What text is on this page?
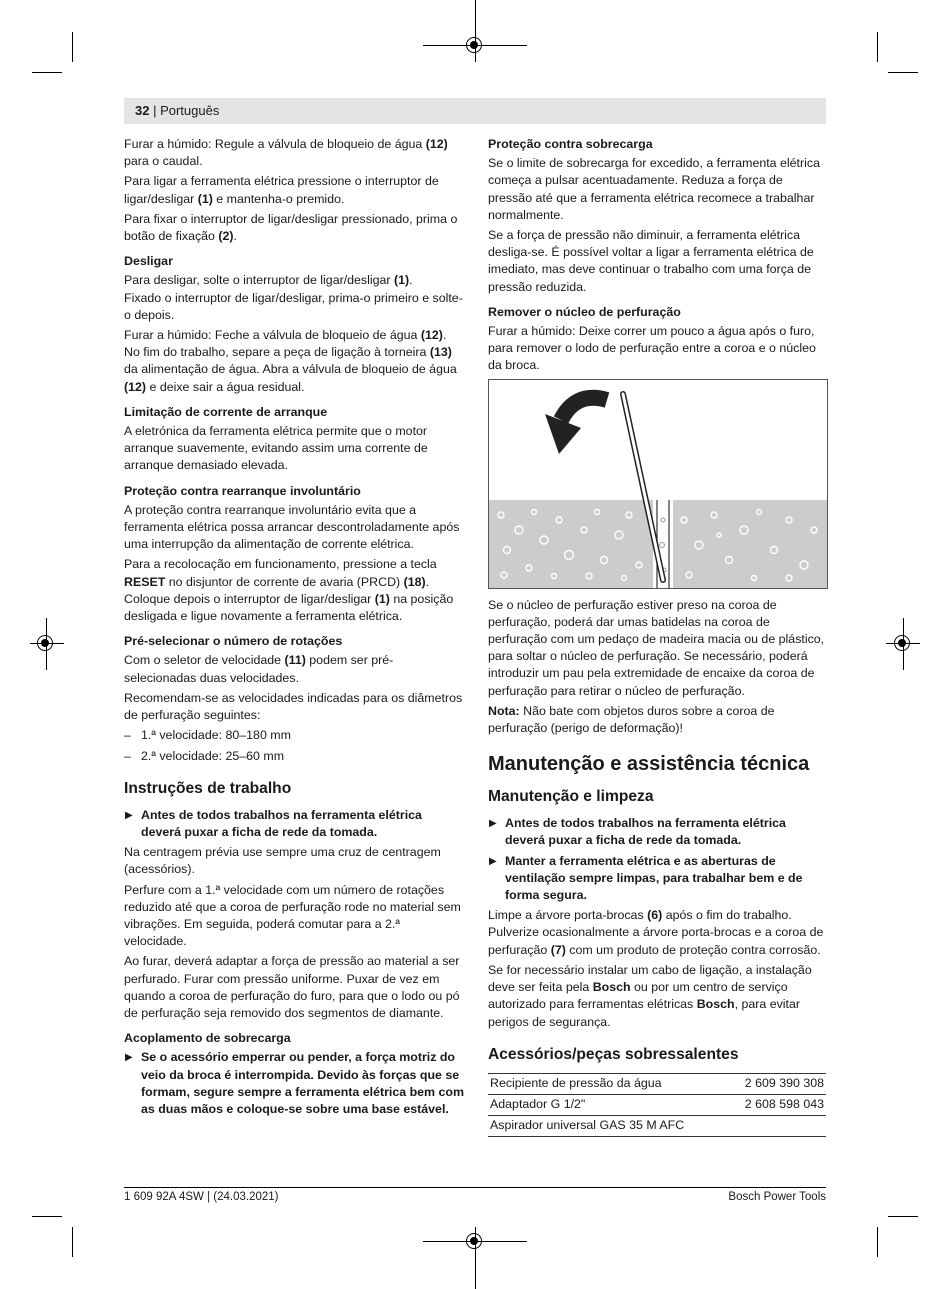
32 | Português

Furar a húmido: Regule a válvula de bloqueio de água (12) para o caudal.

Para ligar a ferramenta elétrica pressione o interruptor de ligar/desligar (1) e mantenha-o premido.

Para fixar o interruptor de ligar/desligar pressionado, prima o botão de fixação (2).

Desligar

Para desligar, solte o interruptor de ligar/desligar (1).
Fixado o interruptor de ligar/desligar, prima-o primeiro e solte-o depois.

Furar a húmido: Feche a válvula de bloqueio de água (12). No fim do trabalho, separe a peça de ligação à torneira (13) da alimentação de água. Abra a válvula de bloqueio de água (12) e deixe sair a água residual.

Limitação de corrente de arranque

A eletrónica da ferramenta elétrica permite que o motor arranque suavemente, evitando assim uma corrente de arranque demasiado elevada.

Proteção contra rearranque involuntário

A proteção contra rearranque involuntário evita que a ferramenta elétrica possa arrancar descontroladamente após uma interrupção da alimentação de corrente elétrica.

Para a recolocação em funcionamento, pressione a tecla RESET no disjuntor de corrente de avaria (PRCD) (18). Coloque depois o interruptor de ligar/desligar (1) na posição desligada e ligue novamente a ferramenta elétrica.

Pré-selecionar o número de rotações

Com o seletor de velocidade (11) podem ser pré-selecionadas duas velocidades.

Recomendam-se as velocidades indicadas para os diâmetros de perfuração seguintes:

– 1.ª velocidade: 80–180 mm
– 2.ª velocidade: 25–60 mm
Instruções de trabalho
▶ Antes de todos trabalhos na ferramenta elétrica deverá puxar a ficha de rede da tomada.

Na centragem prévia use sempre uma cruz de centragem (acessórios).

Perfure com a 1.ª velocidade com um número de rotações reduzido até que a coroa de perfuração rode no material sem vibrações. Em seguida, poderá comutar para a 2.ª velocidade.

Ao furar, deverá adaptar a força de pressão ao material a ser perfurado. Furar com pressão uniforme. Puxar de vez em quando a coroa de perfuração do furo, para que o lodo ou pó de perfuração seja removido dos segmentos de diamante.

Acoplamento de sobrecarga
▶ Se o acessório emperrar ou pender, a força motriz do veio da broca é interrompida. Devido às forças que se formam, segure sempre a ferramenta elétrica bem com as duas mãos e coloque-se sobre uma base estável.
Proteção contra sobrecarga

Se o limite de sobrecarga for excedido, a ferramenta elétrica começa a pulsar acentuadamente. Reduza a força de pressão até que a ferramenta elétrica recomece a trabalhar normalmente.

Se a força de pressão não diminuir, a ferramenta elétrica desliga-se. É possível voltar a ligar a ferramenta elétrica de imediato, mas deve continuar o trabalho com uma força de pressão reduzida.

Remover o núcleo de perfuração

Furar a húmido: Deixe correr um pouco a água após o furo, para remover o lodo de perfuração entre a coroa e o núcleo da broca.

Se o núcleo de perfuração estiver preso na coroa de perfuração, poderá dar umas batidelas na coroa de perfuração com um pedaço de madeira macia ou de plástico, para soltar o núcleo de perfuração. Se necessário, poderá introduzir um pau pela extremidade de encaixe da coroa de perfuração para retirar o núcleo de perfuração.

Nota: Não bate com objetos duros sobre a coroa de perfuração (perigo de deformação)!

Manutenção e assistência técnica
Manutenção e limpeza
▶ Antes de todos trabalhos na ferramenta elétrica deverá puxar a ficha de rede da tomada.
▶ Manter a ferramenta elétrica e as aberturas de ventilação sempre limpas, para trabalhar bem e de forma segura.

Limpe a árvore porta-brocas (6) após o fim do trabalho. Pulverize ocasionalmente a árvore porta-brocas e a coroa de perfuração (7) com um produto de proteção contra corrosão.

Se for necessário instalar um cabo de ligação, a instalação deve ser feita pela Bosch ou por um centro de serviço autorizado para ferramentas elétricas Bosch, para evitar perigos de segurança.

Acessórios/peças sobressalentes
Recipiente de pressão da água	2 609 390 308
Adaptador G 1/2"	2 608 598 043
Aspirador universal GAS 35 M AFC	
1 609 92A 4SW | (24.03.2021)	Bosch Power Tools
